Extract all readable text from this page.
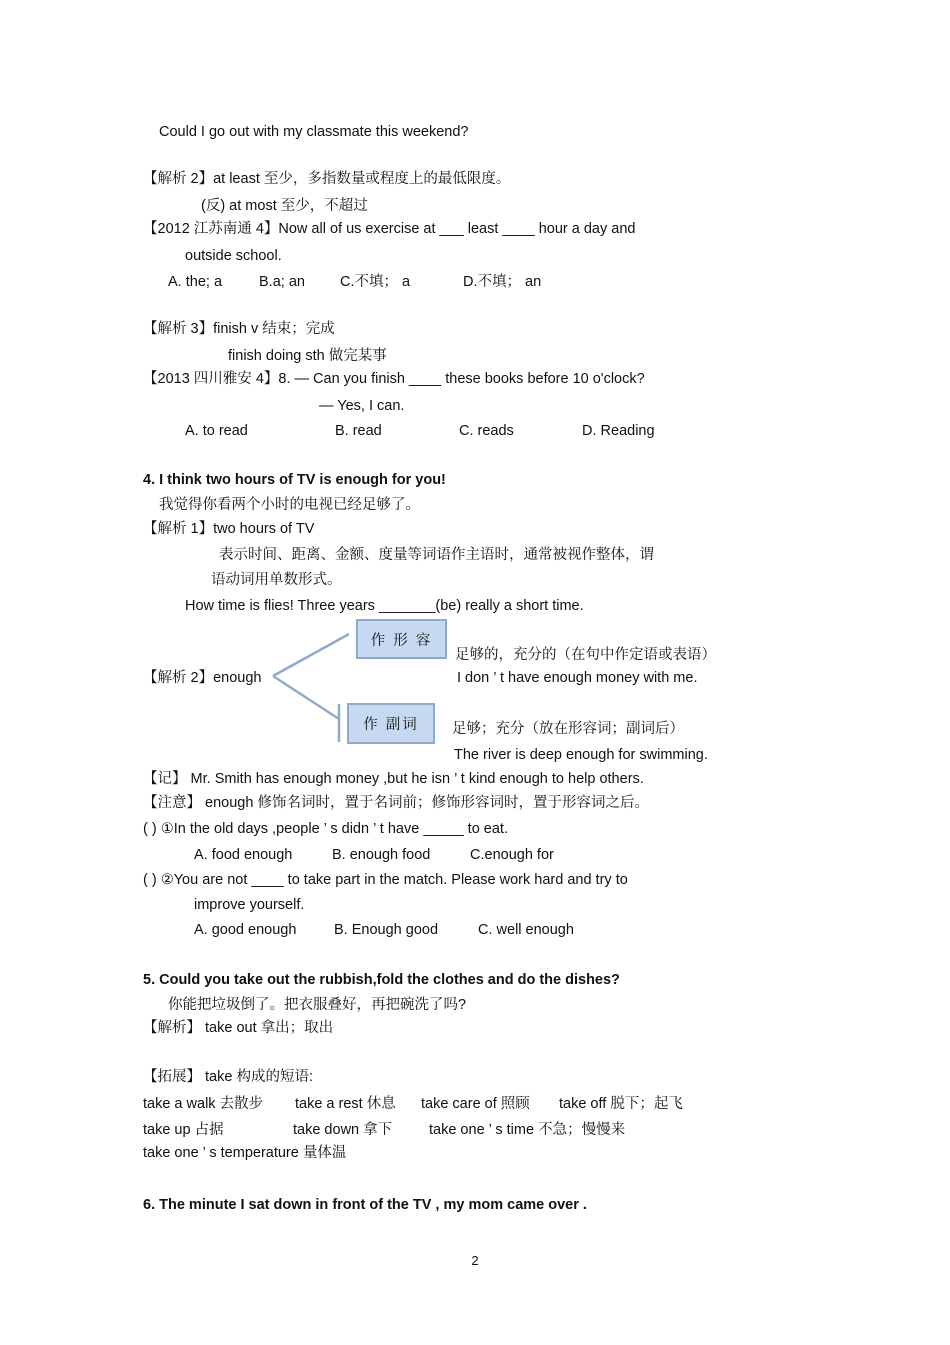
Could I go out with my classmate this weekend?
【解析 2】at least 至少，多指数量或程度上的最低限度。
(反) at most 至少，不超过
【2012 江苏南通 4】Now all of us exercise at ___ least ____ hour a day and
outside school.
A. the; a	B.a; an C.不填； a	D.不填； an
【解析 3】finish v 结束；完成
finish doing sth 做完某事
【2013 四川雅安 4】8. — Can you finish ____ these books before 10 o'clock?
— Yes, I can.
A. to read	B. read	C. reads	D. Reading
4. I think two hours of TV is enough for you!
我觉得你看两个小时的电视已经足够了。
【解析 1】two hours of TV
表示时间、距离、金额、度量等词语作主语时，通常被视作整体，谓
语动词用单数形式。
How time is flies! Three years _______(be) really a short time.
作 形 容
足够的，充分的（在句中作定语或表语）
【解析 2】enough	I don ’ t have enough money with me.
作 副词 足够；充分（放在形容词；副词后）
The river is deep enough for swimming.
【记】 Mr. Smith has enough money ,but he isn ’ t kind enough to help others.
【注意】 enough 修饰名词时，置于名词前；修饰形容词时，置于形容词之后。
( ) ①In the old days ,people ’ s didn ’ t have _____ to eat.
A. food enough	B. enough food	C.enough for
( ) ②You are not ____ to take part in the match. Please work hard and try to
improve yourself.
A. good enough	B. Enough good	C. well enough
5. Could you take out the rubbish,fold the clothes and do the dishes?
你能把垃圾倒了。把衣服叠好，再把碗洗了吗?
【解析】 take out 拿出；取出
【拓展】 take 构成的短语:
take a walk 去散步 take a rest 休息 take care of 照顾 take off 脱下；起飞
take up 占据	take down 拿下	take one ’ s time 不急；慢慢来
take one ’ s temperature 量体温
6. The minute I sat down in front of the TV , my mom came over .
2
